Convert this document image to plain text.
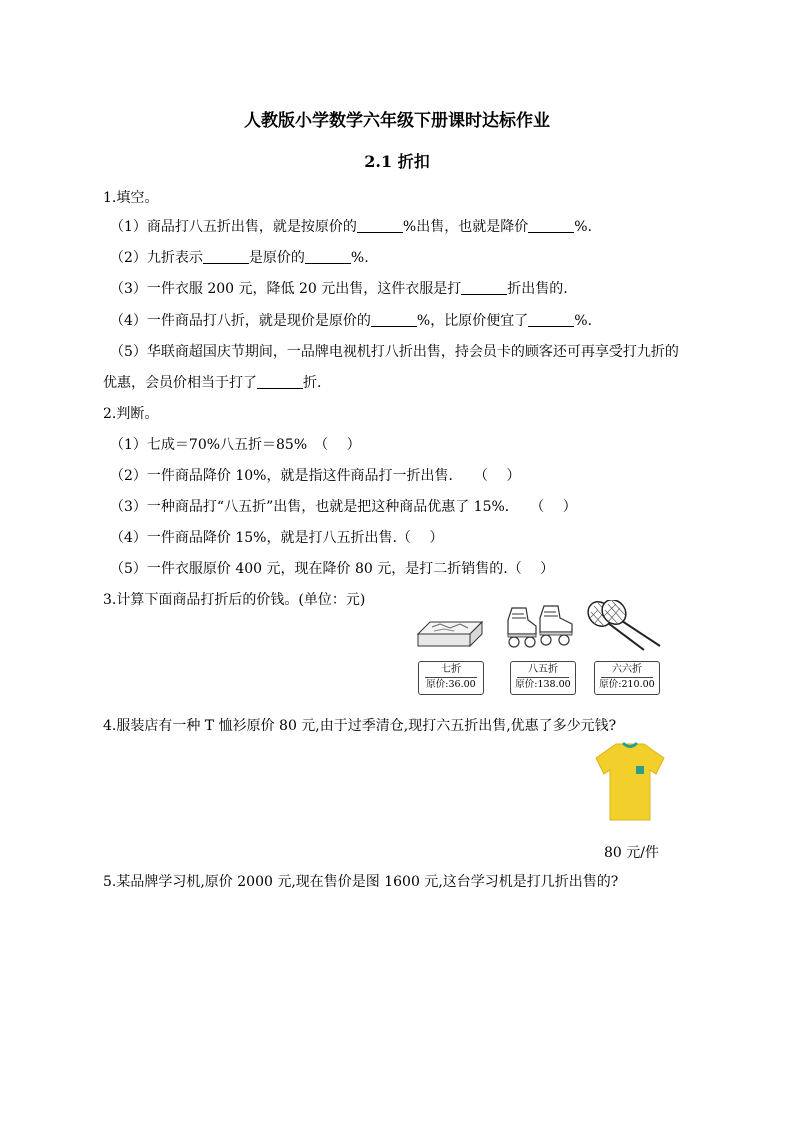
人教版小学数学六年级下册课时达标作业
2.1 折扣
1.填空。
（1）商品打八五折出售，就是按原价的	%出售，也就是降价	%.
（2）九折表示	是原价的	%.
（3）一件衣服 200 元，降低 20 元出售，这件衣服是打	折出售的.
（4）一件商品打八折，就是现价是原价的	%，比原价便宜了	%.
（5）华联商超国庆节期间，一品牌电视机打八折出售，持会员卡的顾客还可再享受打九折的
优惠，会员价相当于打了	折.
2.判断。
（1）七成＝70%八五折＝85%　（　 ）
（2）一件商品降价 10%，就是指这件商品打一折出售．　 （　 ）
（3）一种商品打“八五折”出售，也就是把这种商品优惠了 15%．　 （　 ）
（4）一件商品降价 15%，就是打八五折出售.（　 ）
（5）一件衣服原价 400 元，现在降价 80 元，是打二折销售的.（　 ）
3.计算下面商品打折后的价钱。(单位：元)
七折
原价:36.00
八五折
原价:138.00
六六折
原价:210.00
4.服装店有一种 T 恤衫原价 80 元,由于过季清仓,现打六五折出售,优惠了多少元钱?
80 元/件
5.某品牌学习机,原价 2000 元,现在售价是图 1600 元,这台学习机是打几折出售的?
